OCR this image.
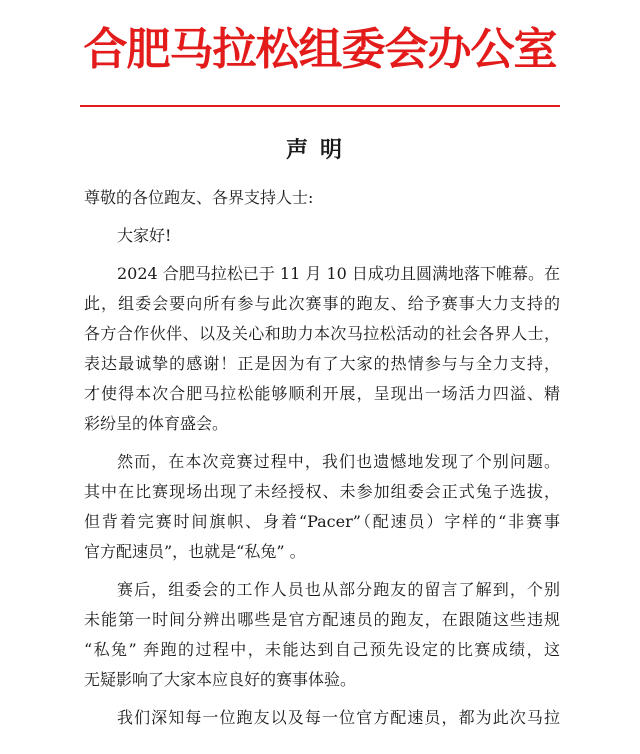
合肥马拉松组委会办公室
声明

尊敬的各位跑友、各界支持人士:

大家好!

2024 合肥马拉松已于 11 月 10 日成功且圆满地落下帷幕。在
此，组委会要向所有参与此次赛事的跑友、给予赛事大力支持的
各方合作伙伴、以及关心和助力本次马拉松活动的社会各界人士，
表达最诚挚的感谢！正是因为有了大家的热情参与与全力支持，
才使得本次合肥马拉松能够顺利开展，呈现出一场活力四溢、精
彩纷呈的体育盛会。

然而，在本次竞赛过程中，我们也遗憾地发现了个别问题。
其中在比赛现场出现了未经授权、未参加组委会正式兔子选拔，
但背着完赛时间旗帜、身着“Pacer”（配速员）字样的“非赛事
官方配速员”，也就是“私兔” 。

赛后，组委会的工作人员也从部分跑友的留言了解到，个别
未能第一时间分辨出哪些是官方配速员的跑友，在跟随这些违规
“私兔” 奔跑的过程中，未能达到自己预先设定的比赛成绩，这
无疑影响了大家本应良好的赛事体验。

我们深知每一位跑友以及每一位官方配速员，都为此次马拉
